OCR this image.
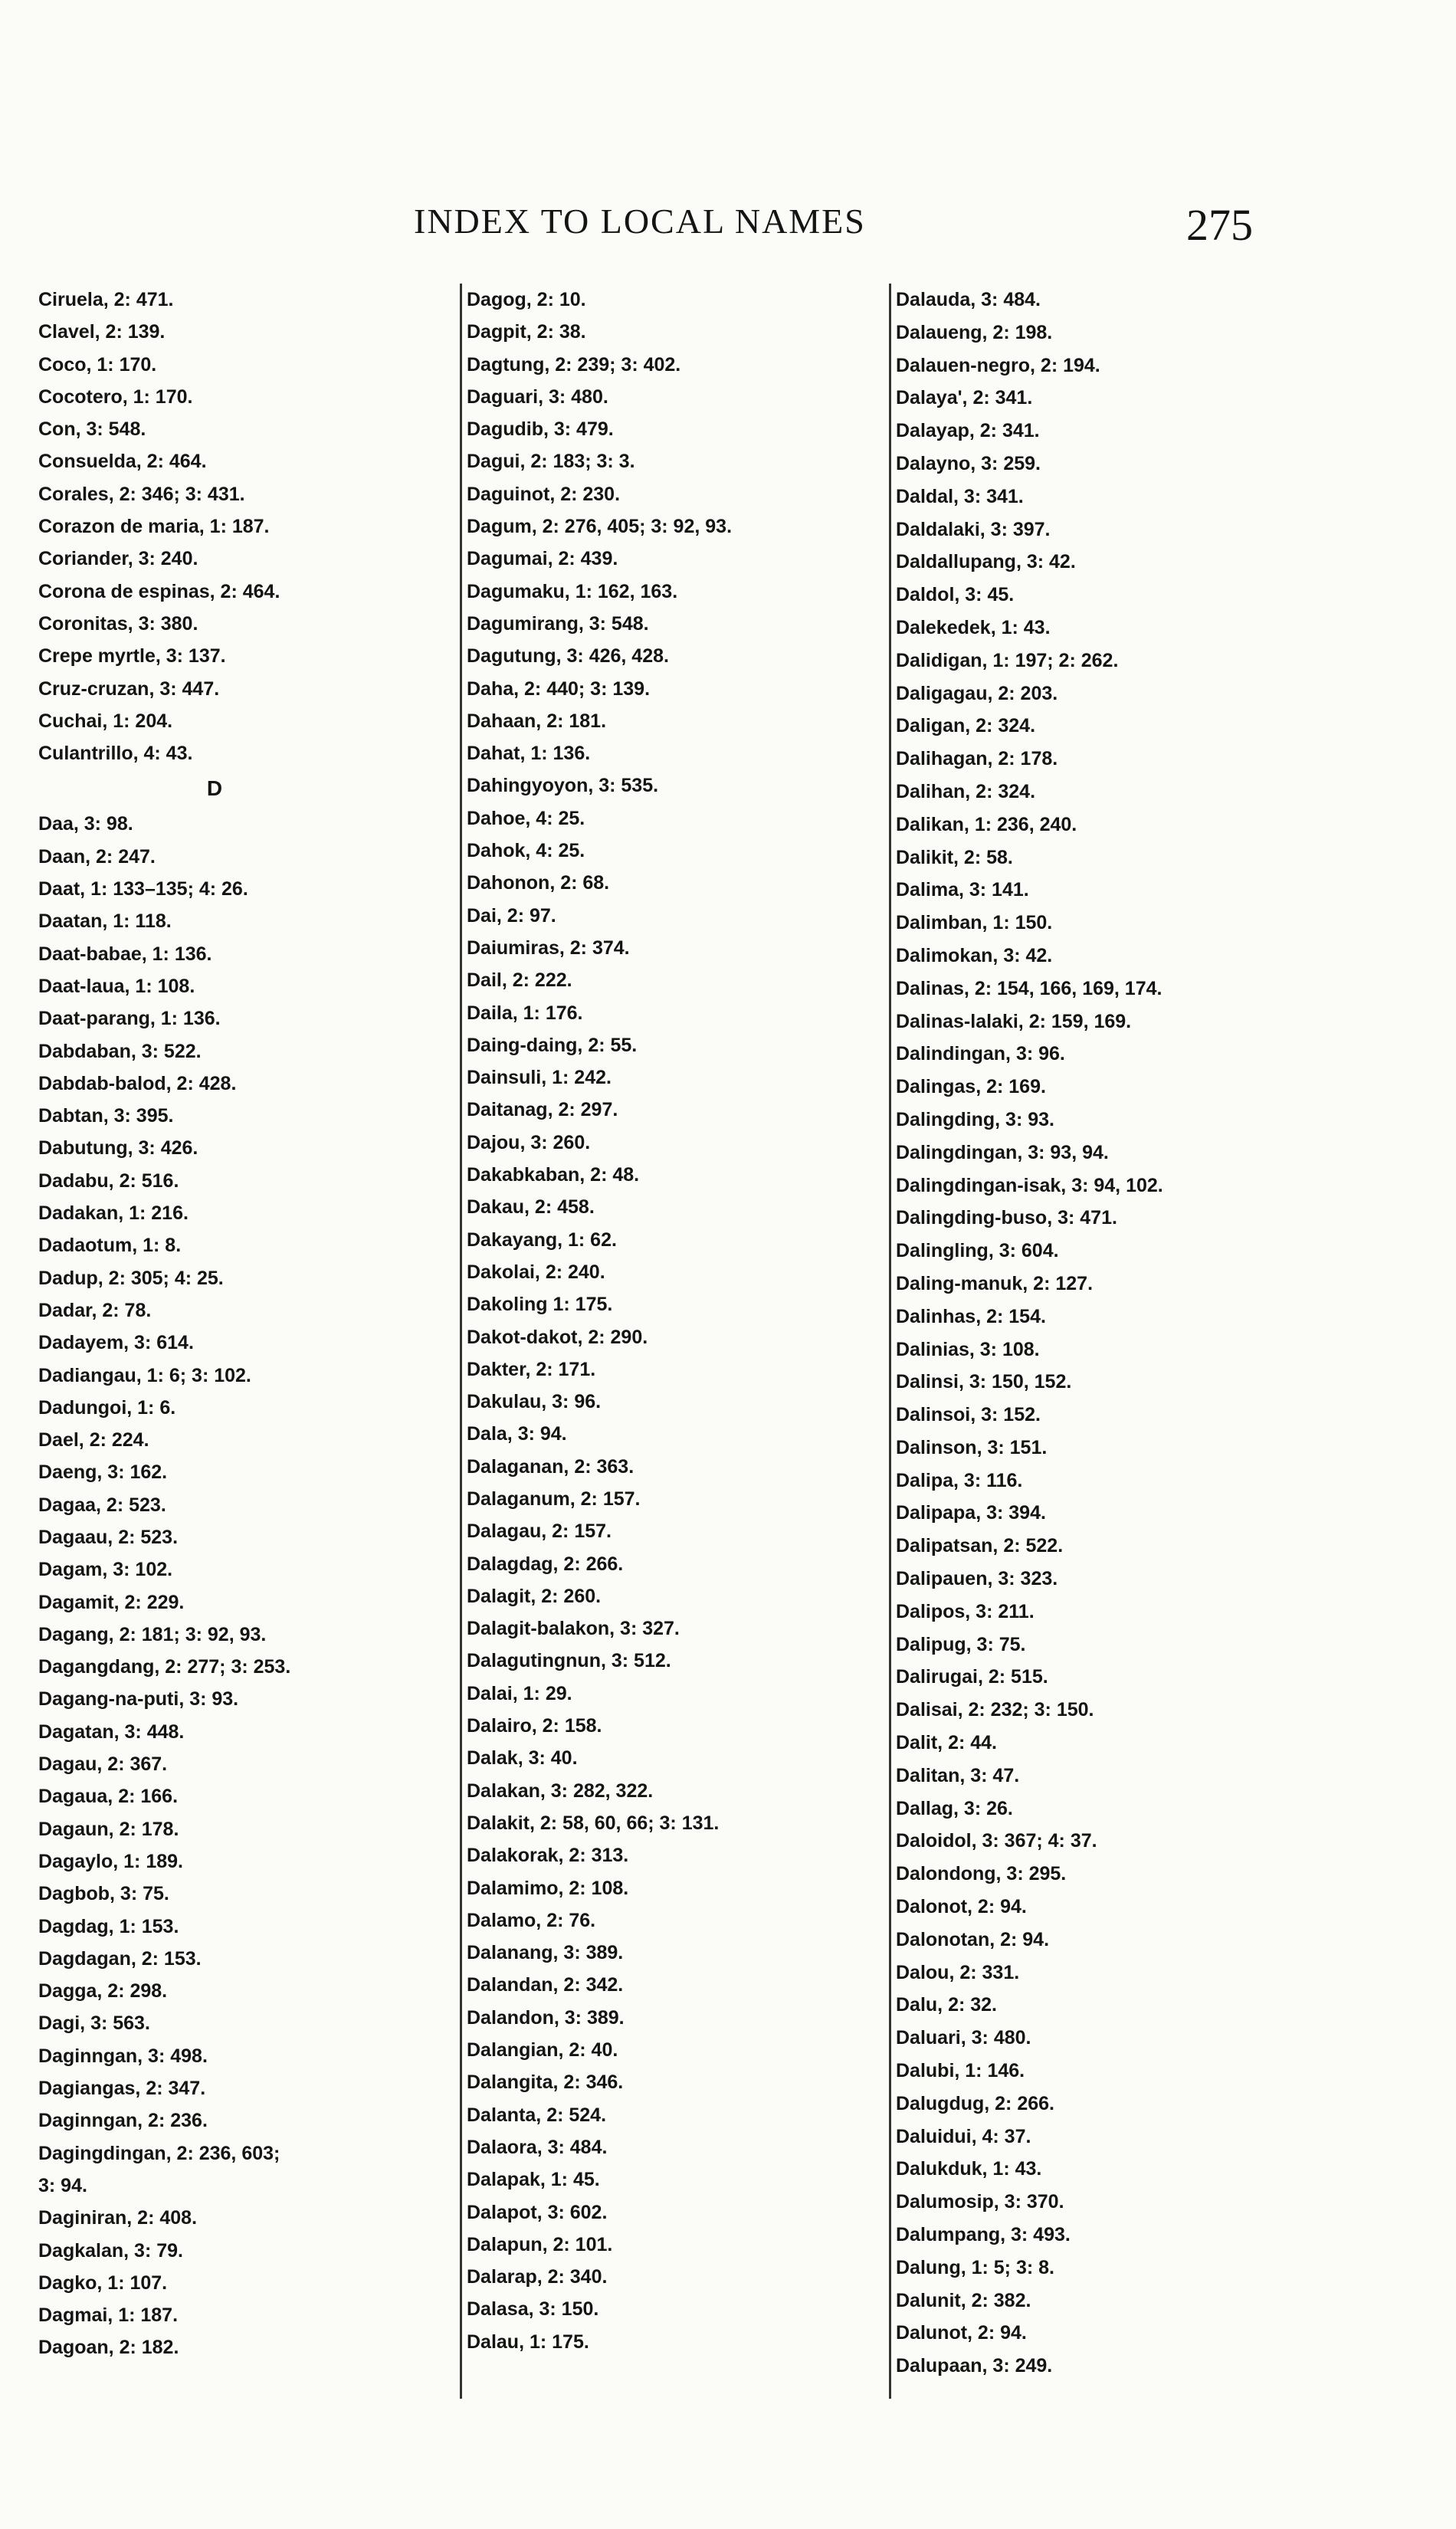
INDEX TO LOCAL NAMES	275
Ciruela, 2: 471.
Clavel, 2: 139.
Coco, 1: 170.
Cocotero, 1: 170.
Con, 3: 548.
Consuelda, 2: 464.
Corales, 2: 346; 3: 431.
Corazon de maria, 1: 187.
Coriander, 3: 240.
Corona de espinas, 2: 464.
Coronitas, 3: 380.
Crepe myrtle, 3: 137.
Cruz-cruzan, 3: 447.
Cuchai, 1: 204.
Culantrillo, 4: 43.
D
Daa, 3: 98.
Daan, 2: 247.
Daat, 1: 133–135; 4: 26.
Daatan, 1: 118.
Daat-babae, 1: 136.
Daat-laua, 1: 108.
Daat-parang, 1: 136.
Dabdaban, 3: 522.
Dabdab-balod, 2: 428.
Dabtan, 3: 395.
Dabutung, 3: 426.
Dadabu, 2: 516.
Dadakan, 1: 216.
Dadaotum, 1: 8.
Dadup, 2: 305; 4: 25.
Dadar, 2: 78.
Dadayem, 3: 614.
Dadiangau, 1: 6; 3: 102.
Dadungoi, 1: 6.
Dael, 2: 224.
Daeng, 3: 162.
Dagaa, 2: 523.
Dagaau, 2: 523.
Dagam, 3: 102.
Dagamit, 2: 229.
Dagang, 2: 181; 3: 92, 93.
Dagangdang, 2: 277; 3: 253.
Dagang-na-puti, 3: 93.
Dagatan, 3: 448.
Dagau, 2: 367.
Dagaua, 2: 166.
Dagaun, 2: 178.
Dagaylo, 1: 189.
Dagbob, 3: 75.
Dagdag, 1: 153.
Dagdagan, 2: 153.
Dagga, 2: 298.
Dagi, 3: 563.
Daginngan, 3: 498.
Dagiangas, 2: 347.
Daginngan, 2: 236.
Dagingdingan, 2: 236, 603;
3: 94.
Daginiran, 2: 408.
Dagkalan, 3: 79.
Dagko, 1: 107.
Dagmai, 1: 187.
Dagoan, 2: 182.
Dagog, 2: 10.
Dagpit, 2: 38.
Dagtung, 2: 239; 3: 402.
Daguari, 3: 480.
Dagudib, 3: 479.
Dagui, 2: 183; 3: 3.
Daguinot, 2: 230.
Dagum, 2: 276, 405; 3: 92, 93.
Dagumai, 2: 439.
Dagumaku, 1: 162, 163.
Dagumirang, 3: 548.
Dagutung, 3: 426, 428.
Daha, 2: 440; 3: 139.
Dahaan, 2: 181.
Dahat, 1: 136.
Dahingyoyon, 3: 535.
Dahoe, 4: 25.
Dahok, 4: 25.
Dahonon, 2: 68.
Dai, 2: 97.
Daiumiras, 2: 374.
Dail, 2: 222.
Daila, 1: 176.
Daing-daing, 2: 55.
Dainsuli, 1: 242.
Daitanag, 2: 297.
Dajou, 3: 260.
Dakabkaban, 2: 48.
Dakau, 2: 458.
Dakayang, 1: 62.
Dakolai, 2: 240.
Dakoling 1: 175.
Dakot-dakot, 2: 290.
Dakter, 2: 171.
Dakulau, 3: 96.
Dala, 3: 94.
Dalaganan, 2: 363.
Dalaganum, 2: 157.
Dalagau, 2: 157.
Dalagdag, 2: 266.
Dalagit, 2: 260.
Dalagit-balakon, 3: 327.
Dalagutingnun, 3: 512.
Dalai, 1: 29.
Dalairo, 2: 158.
Dalak, 3: 40.
Dalakan, 3: 282, 322.
Dalakit, 2: 58, 60, 66; 3: 131.
Dalakorak, 2: 313.
Dalamimo, 2: 108.
Dalamo, 2: 76.
Dalanang, 3: 389.
Dalandan, 2: 342.
Dalandon, 3: 389.
Dalangian, 2: 40.
Dalangita, 2: 346.
Dalanta, 2: 524.
Dalaora, 3: 484.
Dalapak, 1: 45.
Dalapot, 3: 602.
Dalapun, 2: 101.
Dalarap, 2: 340.
Dalasa, 3: 150.
Dalau, 1: 175.
Dalauda, 3: 484.
Dalaueng, 2: 198.
Dalauen-negro, 2: 194.
Dalaya', 2: 341.
Dalayap, 2: 341.
Dalayno, 3: 259.
Daldal, 3: 341.
Daldalaki, 3: 397.
Daldallupang, 3: 42.
Daldol, 3: 45.
Dalekedek, 1: 43.
Dalidigan, 1: 197; 2: 262.
Daligagau, 2: 203.
Daligan, 2: 324.
Dalihagan, 2: 178.
Dalihan, 2: 324.
Dalikan, 1: 236, 240.
Dalikit, 2: 58.
Dalima, 3: 141.
Dalimban, 1: 150.
Dalimokan, 3: 42.
Dalinas, 2: 154, 166, 169, 174.
Dalinas-lalaki, 2: 159, 169.
Dalindingan, 3: 96.
Dalingas, 2: 169.
Dalingding, 3: 93.
Dalingdingan, 3: 93, 94.
Dalingdingan-isak, 3: 94, 102.
Dalingding-buso, 3: 471.
Dalingling, 3: 604.
Daling-manuk, 2: 127.
Dalinhas, 2: 154.
Dalinias, 3: 108.
Dalinsi, 3: 150, 152.
Dalinsoi, 3: 152.
Dalinson, 3: 151.
Dalipa, 3: 116.
Dalipapa, 3: 394.
Dalipatsan, 2: 522.
Dalipauen, 3: 323.
Dalipos, 3: 211.
Dalipug, 3: 75.
Dalirugai, 2: 515.
Dalisai, 2: 232; 3: 150.
Dalit, 2: 44.
Dalitan, 3: 47.
Dallag, 3: 26.
Daloidol, 3: 367; 4: 37.
Dalondong, 3: 295.
Dalonot, 2: 94.
Dalonotan, 2: 94.
Dalou, 2: 331.
Dalu, 2: 32.
Daluari, 3: 480.
Dalubi, 1: 146.
Dalugdug, 2: 266.
Daluidui, 4: 37.
Dalukduk, 1: 43.
Dalumosip, 3: 370.
Dalumpang, 3: 493.
Dalung, 1: 5; 3: 8.
Dalunit, 2: 382.
Dalunot, 2: 94.
Dalupaan, 3: 249.
